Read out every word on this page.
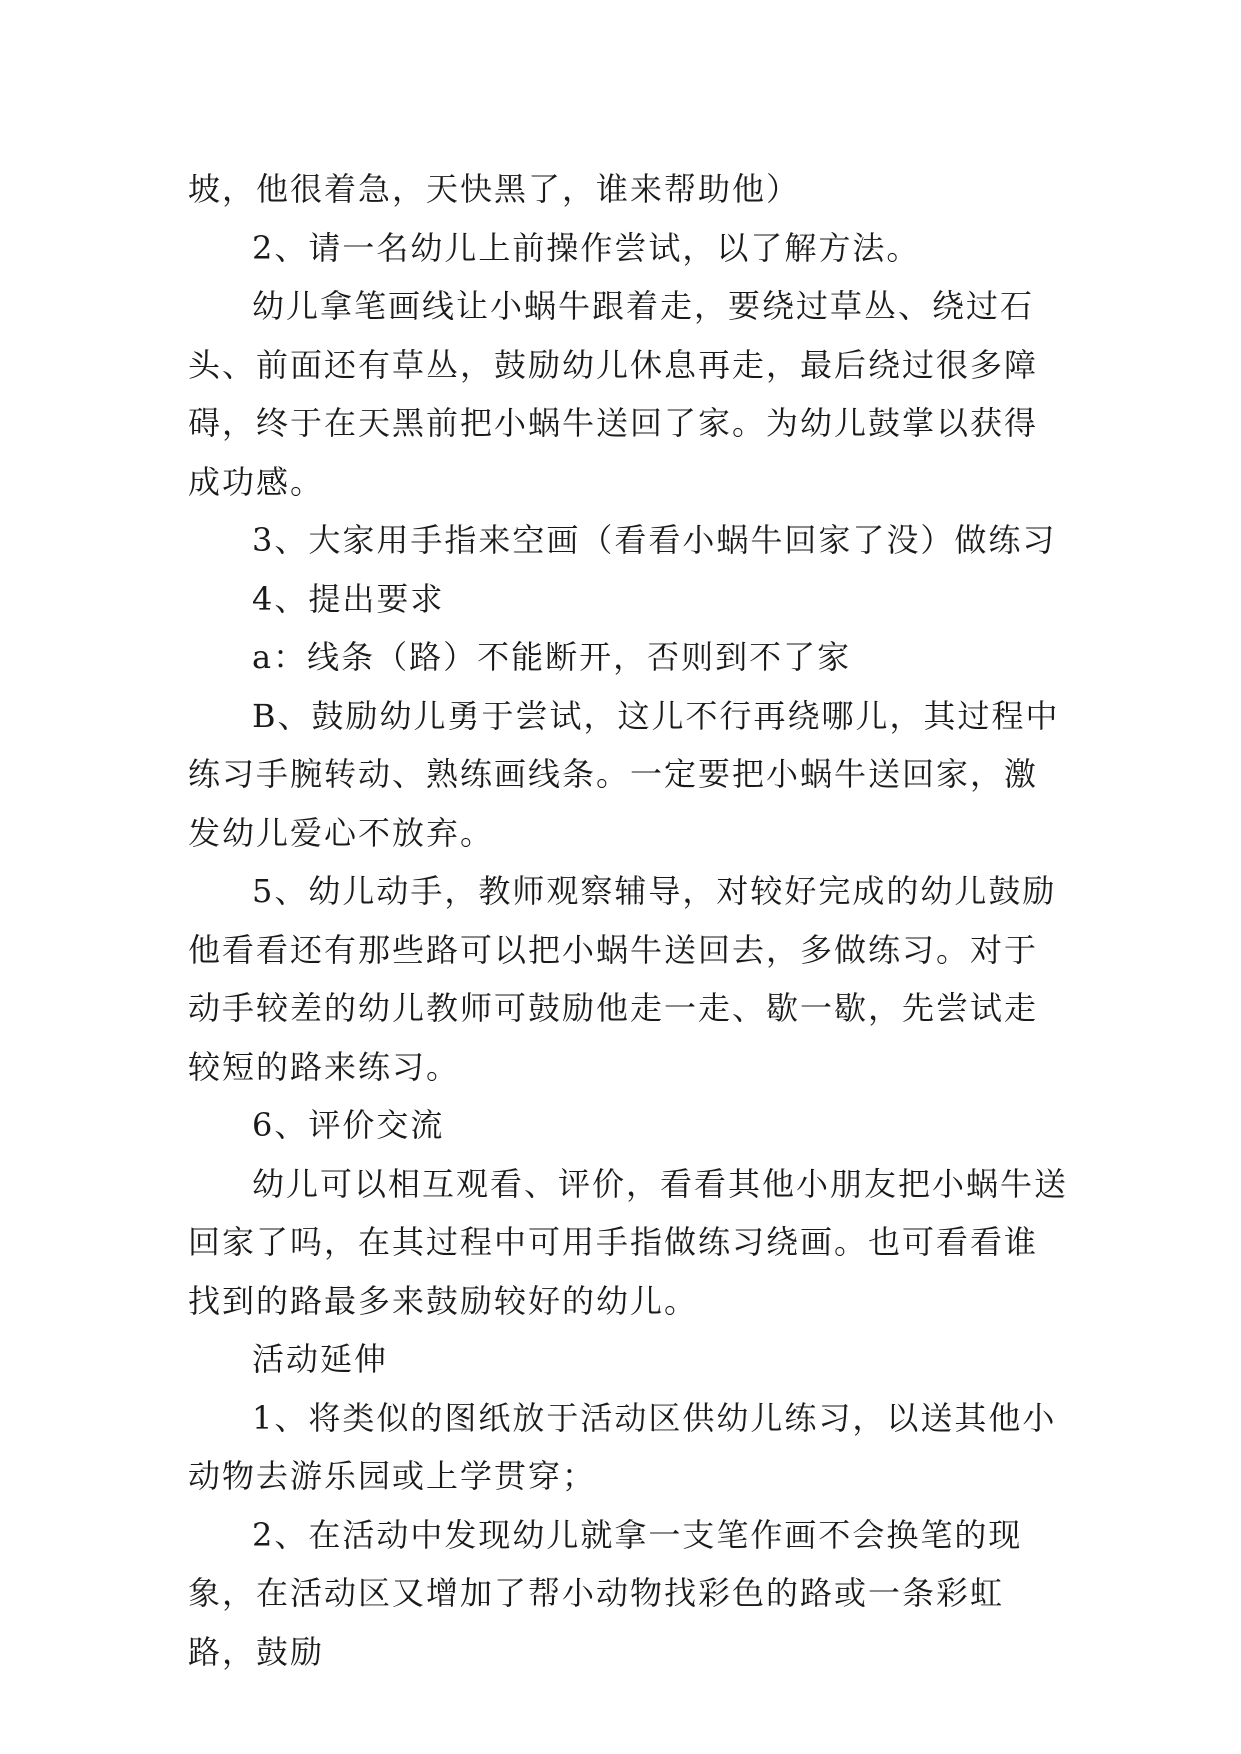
坡，他很着急，天快黑了，谁来帮助他）

2、请一名幼儿上前操作尝试，以了解方法。

幼儿拿笔画线让小蜗牛跟着走，要绕过草丛、绕过石头、前面还有草丛，鼓励幼儿休息再走，最后绕过很多障碍，终于在天黑前把小蜗牛送回了家。为幼儿鼓掌以获得成功感。

3、大家用手指来空画（看看小蜗牛回家了没）做练习

4、提出要求

a：线条（路）不能断开，否则到不了家

B、鼓励幼儿勇于尝试，这儿不行再绕哪儿，其过程中练习手腕转动、熟练画线条。一定要把小蜗牛送回家，激发幼儿爱心不放弃。

5、幼儿动手，教师观察辅导，对较好完成的幼儿鼓励他看看还有那些路可以把小蜗牛送回去，多做练习。对于动手较差的幼儿教师可鼓励他走一走、歇一歇，先尝试走较短的路来练习。

6、评价交流

幼儿可以相互观看、评价，看看其他小朋友把小蜗牛送回家了吗，在其过程中可用手指做练习绕画。也可看看谁找到的路最多来鼓励较好的幼儿。

活动延伸

1、将类似的图纸放于活动区供幼儿练习，以送其他小动物去游乐园或上学贯穿；

2、在活动中发现幼儿就拿一支笔作画不会换笔的现象，在活动区又增加了帮小动物找彩色的路或一条彩虹路，鼓励
